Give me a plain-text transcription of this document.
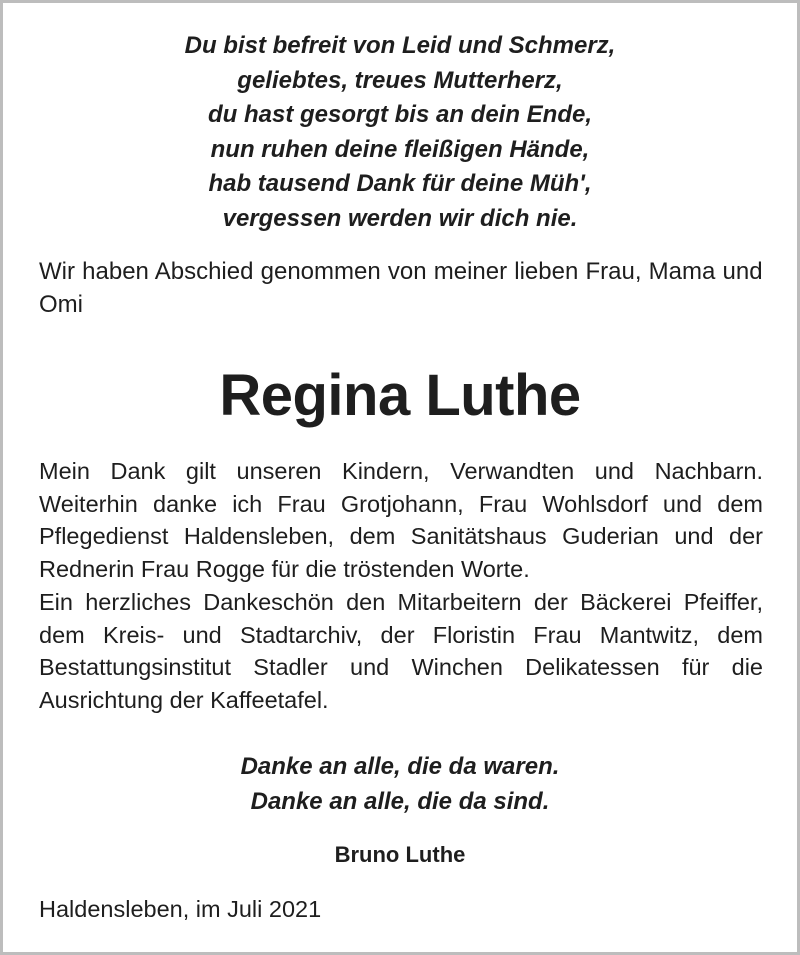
Du bist befreit von Leid und Schmerz,
geliebtes, treues Mutterherz,
du hast gesorgt bis an dein Ende,
nun ruhen deine fleißigen Hände,
hab tausend Dank für deine Müh',
vergessen werden wir dich nie.
Wir haben Abschied genommen von meiner lieben Frau, Mama und Omi
Regina Luthe
Mein Dank gilt unseren Kindern, Verwandten und Nachbarn. Weiterhin danke ich Frau Grotjohann, Frau Wohlsdorf und dem Pflegedienst Haldensleben, dem Sanitätshaus Guderian und der Rednerin Frau Rogge für die tröstenden Worte.
Ein herzliches Dankeschön den Mitarbeitern der Bäckerei Pfeiffer, dem Kreis- und Stadtarchiv, der Floristin Frau Mantwitz, dem Bestattungsinstitut Stadler und Winchen Delikatessen für die Ausrichtung der Kaffeetafel.
Danke an alle, die da waren.
Danke an alle, die da sind.
Bruno Luthe
Haldensleben, im Juli 2021
